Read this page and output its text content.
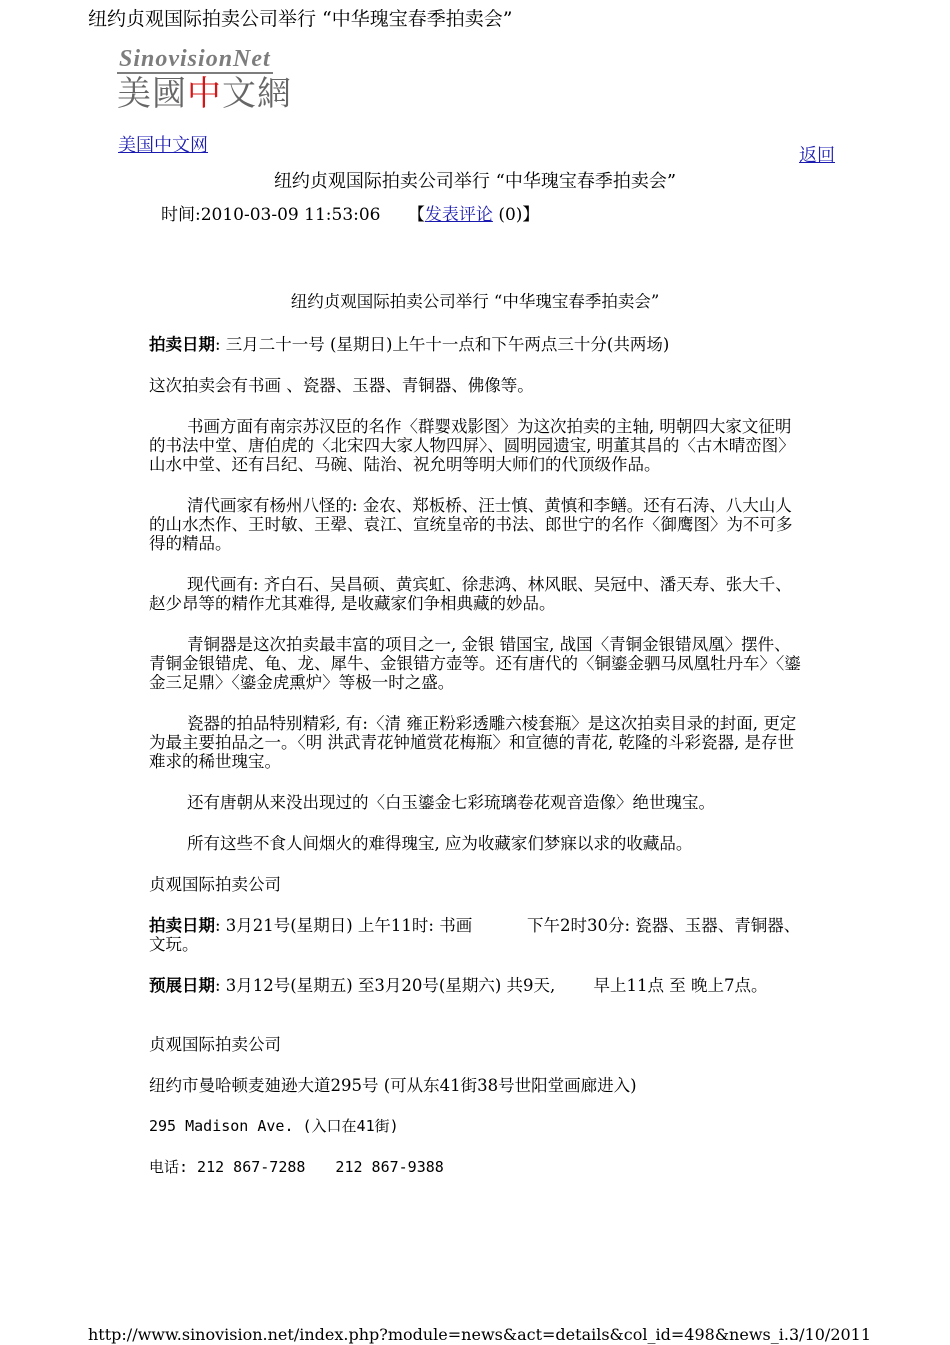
纽约贞观国际拍卖公司举行 “中华瑰宝春季拍卖会”
SinovisionNet
美國中文網
美国中文网	返回
纽约贞观国际拍卖公司举行 “中华瑰宝春季拍卖会”
时间:2010-03-09 11:53:06 【发表评论 (0)】

纽约贞观国际拍卖公司举行 “中华瑰宝春季拍卖会”

拍卖日期: 三月二十一号 (星期日)上午十一点和下午两点三十分(共两场)

这次拍卖会有书画 、瓷器、玉器、青铜器、佛像等。

书画方面有南宗苏汉臣的名作〈群婴戏影图〉为这次拍卖的主轴, 明朝四大家文征明的书法中堂、唐伯虎的〈北宋四大家人物四屏〉、圆明园遗宝, 明董其昌的〈古木晴峦图〉山水中堂、还有吕纪、马碗、陆治、祝允明等明大师们的代顶级作品。

清代画家有杨州八怪的: 金农、郑板桥、汪士慎、黄慎和李鳝。还有石涛、八大山人的山水杰作、王时敏、王翚、袁江、宣统皇帝的书法、郎世宁的名作〈御鹰图〉为不可多得的精品。

现代画有: 齐白石、吴昌硕、黄宾虹、徐悲鸿、林风眠、吴冠中、潘天寿、张大千、赵少昂等的精作尤其难得, 是收藏家们争相典藏的妙品。

青铜器是这次拍卖最丰富的项目之一, 金银 错国宝, 战国〈青铜金银错凤凰〉摆件、青铜金银错虎、龟、龙、犀牛、金银错方壶等。还有唐代的〈铜鎏金驷马凤凰牡丹车〉〈鎏金三足鼎〉〈鎏金虎熏炉〉等极一时之盛。

瓷器的拍品特别精彩, 有:〈清 雍正粉彩透雕六棱套瓶〉是这次拍卖目录的封面, 更定为最主要拍品之一。〈明 洪武青花钟馗赏花梅瓶〉和宣德的青花, 乾隆的斗彩瓷器, 是存世难求的稀世瑰宝。

还有唐朝从来没出现过的〈白玉鎏金七彩琉璃卷花观音造像〉绝世瑰宝。

所有这些不食人间烟火的难得瑰宝, 应为收藏家们梦寐以求的收藏品。

贞观国际拍卖公司

拍卖日期: 3月21号(星期日) 上午11时: 书画 　　　下午2时30分: 瓷器、玉器、青铜器、文玩。

预展日期: 3月12号(星期五) 至3月20号(星期六) 共9天, 　　早上11点 至 晚上7点。

贞观国际拍卖公司

纽约市曼哈顿麦廸逊大道295号 (可从东41街38号世阳堂画廊进入)

295 Madison Ave. (入口在41街)

电话: 212 867-7288　　212 867-9388

http://www.sinovision.net/index.php?module=news&act=details&col_id=498&news_i...
3/10/2011
